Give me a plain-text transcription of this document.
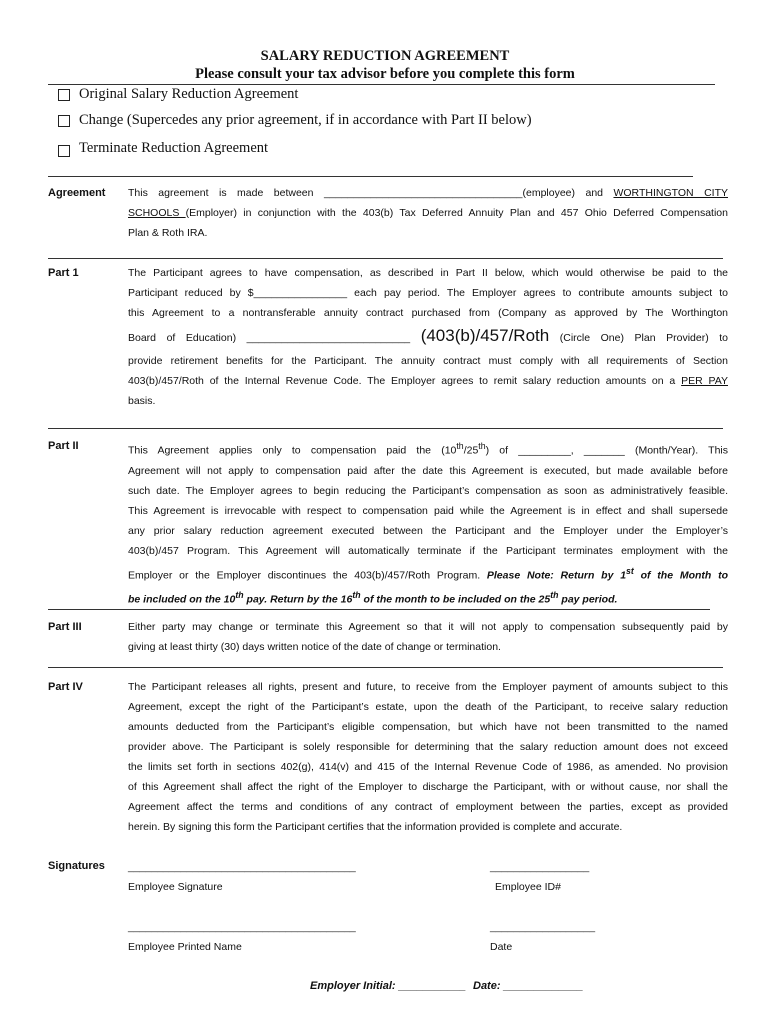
SALARY REDUCTION AGREEMENT
Please consult your tax advisor before you complete this form
Original Salary Reduction Agreement
Change (Supercedes any prior agreement, if in accordance with Part II below)
Terminate Reduction Agreement
Agreement This agreement is made between __________________________________(employee) and WORTHINGTON CITY

SCHOOLS (Employer) in conjunction with the 403(b) Tax Deferred Annuity Plan and 457 Ohio Deferred Compensation

Plan & Roth IRA.

Part 1	The Participant agrees to have compensation, as described in Part II below, which would otherwise be paid to the

Participant reduced by $________________ each pay period. The Employer agrees to contribute amounts subject to

this Agreement to a nontransferable annuity contract purchased from (Company as approved by The Worthington

Board of Education) ____________________________ (403(b)/457/Roth (Circle One) Plan Provider) to

provide retirement benefits for the Participant. The annuity contract must comply with all requirements of Section

403(b)/457/Roth of the Internal Revenue Code. The Employer agrees to remit salary reduction amounts on a PER PAY

basis.

Part II	This Agreement applies only to compensation paid the (10th/25th) of _________, _______ (Month/Year). This

Agreement will not apply to compensation paid after the date this Agreement is executed, but made available before

such date. The Employer agrees to begin reducing the Participant’s compensation as soon as administratively feasible.

This Agreement is irrevocable with respect to compensation paid while the Agreement is in effect and shall supersede

any prior salary reduction agreement executed between the Participant and the Employer under the Employer’s

403(b)/457 Program. This Agreement will automatically terminate if the Participant terminates employment with the

Employer or the Employer discontinues the 403(b)/457/Roth Program. Please Note: Return by 1st of the Month to

be included on the 10th pay. Return by the 16th of the month to be included on the 25th pay period.

Part III	Either party may change or terminate this Agreement so that it will not apply to compensation subsequently paid by

giving at least thirty (30) days written notice of the date of change or termination.

Part IV	The Participant releases all rights, present and future, to receive from the Employer payment of amounts subject to this

Agreement, except the right of the Participant’s estate, upon the death of the Participant, to receive salary reduction

amounts deducted from the Participant’s eligible compensation, but which have not been transmitted to the named

provider above. The Participant is solely responsible for determining that the salary reduction amount does not exceed

the limits set forth in sections 402(g), 414(v) and 415 of the Internal Revenue Code of 1986, as amended. No provision

of this Agreement shall affect the right of the Employer to discharge the Participant, with or without cause, nor shall the

Agreement affect the terms and conditions of any contract of employment between the parties, except as provided

herein. By signing this form the Participant certifies that the information provided is complete and accurate.

Signatures _______________________________________	_________________
Employee Signature	Employee ID#
_______________________________________	__________________
Employee Printed Name	Date
Employer Initial: ___________ Date: _____________
